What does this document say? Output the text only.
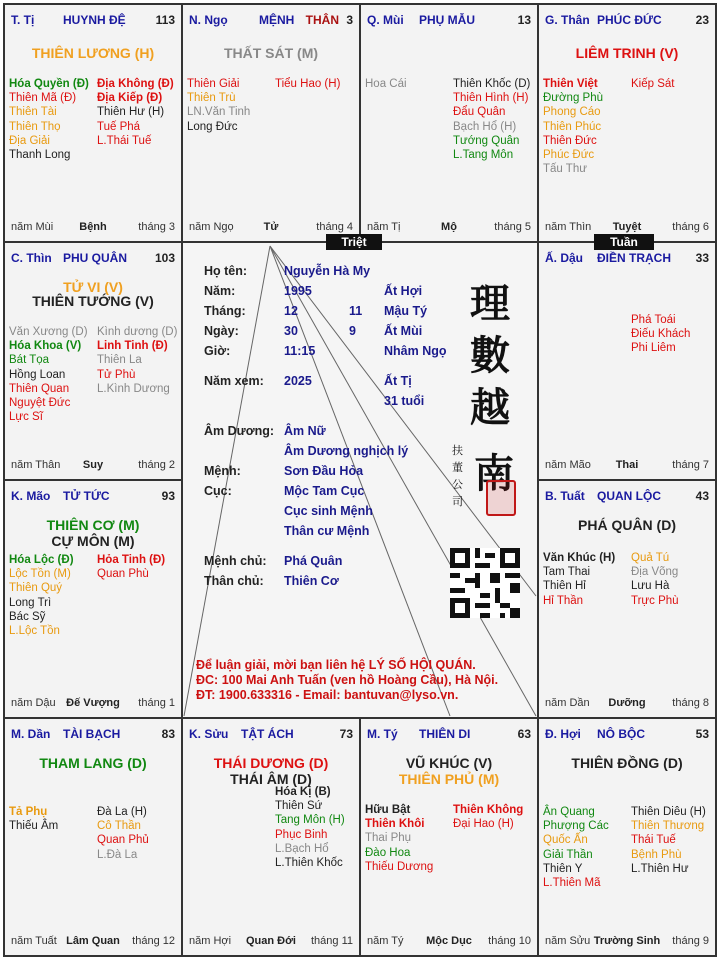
T. Tị HUYNH ĐỆ 113
THIÊN LƯƠNG (H)
Hóa Quyền (Đ)
Thiên Mã (Đ)
Thiên Tài
Thiên Thọ
Địa Giải
Thanh Long
Địa Không (Đ)
Địa Kiếp (Đ)
Thiên Hư (H)
Tuế Phá
L.Thái Tuế
năm Mùi	Bệnh	tháng 3
N. Ngọ	MỆNH	3
THÂN
THẤT SÁT (M)
Thiên Giải
Thiên Trù
LN.Văn Tinh
Long Đức
Tiểu Hao (H)
năm Ngọ	Tử	tháng 4
Q. Mùi PHỤ MẪU	13
Hoa Cái	Thiên Khốc (D)
Thiên Hình (H)
Đẩu Quân
Bạch Hổ (H)
Tướng Quân
L.Tang Môn
năm Tị	Mộ	tháng 5
G. Thân PHÚC ĐỨC	23
LIÊM TRINH (V)
Thiên Việt
Đường Phù
Phong Cáo
Thiên Phúc
Thiên Đức
Phúc Đức
Tấu Thư
Kiếp Sát
năm Thìn	Tuyệt	tháng 6
C. Thìn PHU QUÂN 103
TỬ VI (V)
THIÊN TƯỚNG (V)
Văn Xương (D)
Hóa Khoa (V)
Bát Tọa
Hồng Loan
Thiên Quan
Nguyệt Đức
Lực Sĩ
Kình dương (D)
Linh Tinh (Đ)
Thiên La
Tử Phù
L.Kình Dương
năm Thân	Suy	tháng 2
Ấ. Dậu ĐIỀN TRẠCH 33
Phá Toái
Điếu Khách
Phi Liêm
năm Mão	Thai	tháng 7
K. Mão TỬ TỨC	93
THIÊN CƠ (M)
CỰ MÔN (M)
Hóa Lộc (Đ)
Lộc Tồn (M)
Thiên Quý
Long Trì
Bác Sỹ
L.Lộc Tồn
Hỏa Tinh (Đ)
Quan Phù
năm Dậu Đế Vượng	tháng 1
B. Tuất QUAN LỘC	43
PHÁ QUÂN (D)
Văn Khúc (H)
Tam Thai
Thiên Hỉ
Hỉ Thần
Quả Tú
Địa Võng
Lưu Hà
Trực Phù
năm Dần	Dưỡng	tháng 8
M. Dần TÀI BẠCH	83
THAM LANG (D)
Tả Phụ
Thiếu Âm
Đà La (H)
Cô Thần
Quan Phủ
L.Đà La
năm Tuất Lâm Quan	tháng 12
K. Sửu TẬT ÁCH	73
THÁI DƯƠNG (D)
THÁI ÂM (D)
Hóa Kị (B)
Thiên Sứ
Tang Môn (H)
Phục Binh
L.Bạch Hổ
L.Thiên Khốc
năm Hợi	Quan Đới	tháng 11
M. Tý THIÊN DI	63
VŨ KHÚC (V)
THIÊN PHỦ (M)
Hữu Bật
Thiên Khôi
Thai Phụ
Đào Hoa
Thiếu Dương
Thiên Không
Đại Hao (H)
năm Tý	Mộc Dục	tháng 10
Đ. Hợi NÔ BỘC	53
THIÊN ĐỒNG (D)
Ân Quang
Phượng Các
Quốc Ấn
Giải Thần
Thiên Y
L.Thiên Mã
Thiên Diêu (H)
Thiên Thương
Thái Tuế
Bệnh Phù
L.Thiên Hư
năm Sửu Trường Sinh	tháng 9
Triệt	Tuần
Họ tên:	Nguyễn Hà My
Năm:	1995	Ất Hợi
Tháng:	12	11 Mậu Tý
Ngày:	30	9 Ất Mùi
Giờ:	11:15	Nhâm Ngọ
Năm xem: 2025	Ất Tị
31 tuổi
Âm Dương: Âm Nữ
Âm Dương nghịch lý
Mệnh:	Sơn Đầu Hỏa
Cục:	Mộc Tam Cục
Cục sinh Mệnh
Thân cư Mệnh
Mệnh chủ: Phá Quân
Thân chủ: Thiên Cơ
理
數
越
南
扶 董 公 司
Để luận giải, mời bạn liên hệ LÝ SỐ HỘI QUÁN.
ĐC: 100 Mai Anh Tuấn (ven hồ Hoàng Cầu), Hà Nội.
ĐT: 1900.633316 - Email: bantuvan@lyso.vn.
